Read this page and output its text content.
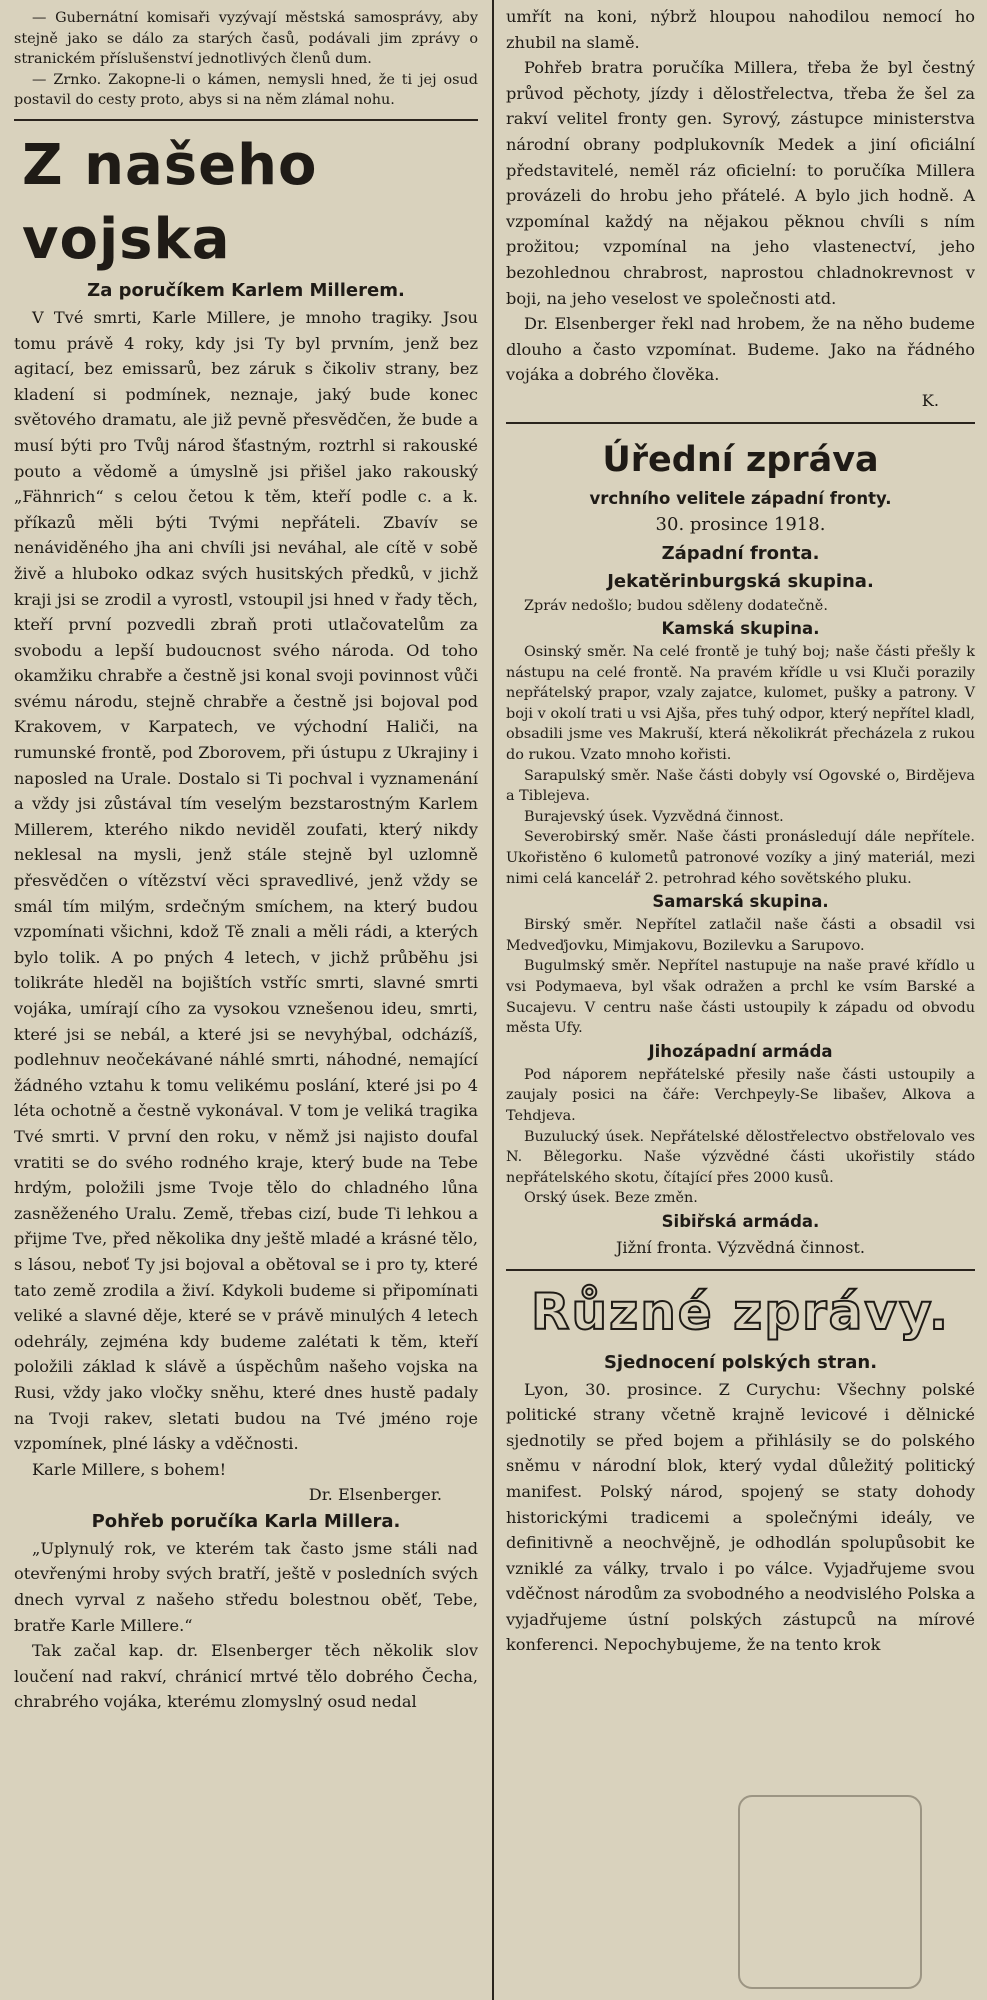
— Gubernátní komisaři vyzývají městská samosprávy, aby stejně jako se dálo za starých časů, podávali jim zprávy o stranickém příslušenství jednotlivých členů dum.

— Zrnko. Zakopne-li o kámen, nemysli hned, že ti jej osud postavil do cesty proto, abys si na něm zlámal nohu.

Z našeho vojska
Za poručíkem Karlem Millerem.

V Tvé smrti, Karle Millere, je mnoho tragiky. Jsou tomu právě 4 roky, kdy jsi Ty byl prvním, jenž bez agitací, bez emissarů, bez záruk s čikoliv strany, bez kladení si podmínek, neznaje, jaký bude konec světového dramatu, ale již pevně přesvědčen, že bude a musí býti pro Tvůj národ šťastným, roztrhl si rakouské pouto a vědomě a úmyslně jsi přišel jako rakouský „Fähnrich“ s celou četou k těm, kteří podle c. a k. příkazů měli býti Tvými nepřáteli. Zbavív se nenáviděného jha ani chvíli jsi neváhal, ale cítě v sobě živě a hluboko odkaz svých husitských předků, v jichž kraji jsi se zrodil a vyrostl, vstoupil jsi hned v řady těch, kteří první pozvedli zbraň proti utlačovatelům za svobodu a lepší budoucnost svého národa. Od toho okamžiku chrabře a čestně jsi konal svoji povinnost vůči svému národu, stejně chrabře a čestně jsi bojoval pod Krakovem, v Karpatech, ve východní Haliči, na rumunské frontě, pod Zborovem, při ústupu z Ukrajiny i naposled na Urale. Dostalo si Ti pochval i vyznamenání a vždy jsi zůstával tím veselým bezstarostným Karlem Millerem, kterého nikdo neviděl zoufati, který nikdy neklesal na mysli, jenž stále stejně byl uzlomně přesvědčen o vítězství věci spravedlivé, jenž vždy se smál tím milým, srdečným smíchem, na který budou vzpomínati všichni, kdož Tě znali a měli rádi, a kterých bylo tolik. A po pných 4 letech, v jichž průběhu jsi tolikráte hleděl na bojištích vstříc smrti, slavné smrti vojáka, umírají cího za vysokou vznešenou ideu, smrti, které jsi se nebál, a které jsi se nevyhýbal, odcházíš, podlehnuv neočekávané náhlé smrti, náhodné, nemající žádného vztahu k tomu velikému poslání, které jsi po 4 léta ochotně a čestně vykonával. V tom je veliká tragika Tvé smrti. V první den roku, v němž jsi najisto doufal vratiti se do svého rodného kraje, který bude na Tebe hrdým, položili jsme Tvoje tělo do chladného lůna zasněženého Uralu. Země, třebas cizí, bude Ti lehkou a přijme Tve, před několika dny ještě mladé a krásné tělo, s lásou, neboť Ty jsi bojoval a obětoval se i pro ty, které tato země zrodila a živí. Kdykoli budeme si připomínati veliké a slavné děje, které se v právě minulých 4 letech odehrály, zejména kdy budeme zalétati k těm, kteří položili základ k slávě a úspěchům našeho vojska na Rusi, vždy jako vločky sněhu, které dnes hustě padaly na Tvoji rakev, sletati budou na Tvé jméno roje vzpomínek, plné lásky a vděčnosti.

Karle Millere, s bohem!

Dr. Elsenberger.
Pohřeb poručíka Karla Millera.

„Uplynulý rok, ve kterém tak často jsme stáli nad otevřenými hroby svých bratří, ještě v posledních svých dnech vyrval z našeho středu bolestnou oběť, Tebe, bratře Karle Millere.“

Tak začal kap. dr. Elsenberger těch několik slov loučení nad rakví, chránicí mrtvé tělo dobrého Čecha, chrabrého vojáka, kterému zlomyslný osud nedal

umřít na koni, nýbrž hloupou nahodilou nemocí ho zhubil na slamě.

Pohřeb bratra poručíka Millera, třeba že byl čestný průvod pěchoty, jízdy i dělostřelectva, třeba že šel za rakví velitel fronty gen. Syrový, zástupce ministerstva národní obrany podplukovník Medek a jiní oficiální představitelé, neměl ráz oficielní: to poručíka Millera provázeli do hrobu jeho přátelé. A bylo jich hodně. A vzpomínal každý na nějakou pěknou chvíli s ním prožitou; vzpomínal na jeho vlastenectví, jeho bezohlednou chrabrost, naprostou chladnokrevnost v boji, na jeho veselost ve společnosti atd.

Dr. Elsenberger řekl nad hrobem, že na něho budeme dlouho a často vzpomínat. Budeme. Jako na řádného vojáka a dobrého člověka.

K.
Úřední zpráva
vrchního velitele západní fronty.
30. prosince 1918.
Západní fronta.
Jekatěrinburgská skupina.

Zpráv nedošlo; budou sděleny dodatečně.

Kamská skupina.

Osinský směr. Na celé frontě je tuhý boj; naše části přešly k nástupu na celé frontě. Na pravém křídle u vsi Kluči porazily nepřátelský prapor, vzaly zajatce, kulomet, pušky a patrony. V boji v okolí trati u vsi Ajša, přes tuhý odpor, který nepřítel kladl, obsadili jsme ves Makruší, která několikrát přecházela z rukou do rukou. Vzato mnoho kořisti.

Sarapulský směr. Naše části dobyly vsí Ogovské o, Birdějeva a Tiblejeva.

Burajevský úsek. Vyzvědná činnost.

Severobirský směr. Naše části pronásledují dále nepřítele. Ukořistěno 6 kulometů patronové vozíky a jiný materiál, mezi nimi celá kancelář 2. petrohrad kého sovětského pluku.

Samarská skupina.

Birský směr. Nepřítel zatlačil naše části a obsadil vsi Medveďjovku, Mimjakovu, Bozilevku a Sarupovo.

Bugulmský směr. Nepřítel nastupuje na naše pravé křídlo u vsi Podymaeva, byl však odražen a prchl ke vsím Barské a Sucajevu. V centru naše části ustoupily k západu od obvodu města Ufy.

Jihozápadní armáda

Pod náporem nepřátelské přesily naše části ustoupily a zaujaly posici na čáře: Verchpeyly-Se libašev, Alkova a Tehdjeva.

Buzulucký úsek. Nepřátelské dělostřelectvo obstřelovalo ves N. Bělegorku. Naše výzvědné části ukořistily stádo nepřátelského skotu, čítající přes 2000 kusů.

Orský úsek. Beze změn.

Sibiřská armáda.
Jižní fronta. Výzvědná činnost.
Různé zprávy.
Sjednocení polských stran.

Lyon, 30. prosince. Z Curychu: Všechny polské politické strany včetně krajně levicové i dělnické sjednotily se před bojem a přihlásily se do polského sněmu v národní blok, který vydal důležitý politický manifest. Polský národ, spojený se staty dohody historickými tradicemi a společnými ideály, ve definitivně a neochvějně, je odhodlán spolupůsobit ke vzniklé za války, trvalo i po válce. Vyjadřujeme svou vděčnost národům za svobodného a neodvislého Polska a vyjadřujeme ústní polských zástupců na mírové konferenci. Nepochybujeme, že na tento krok
